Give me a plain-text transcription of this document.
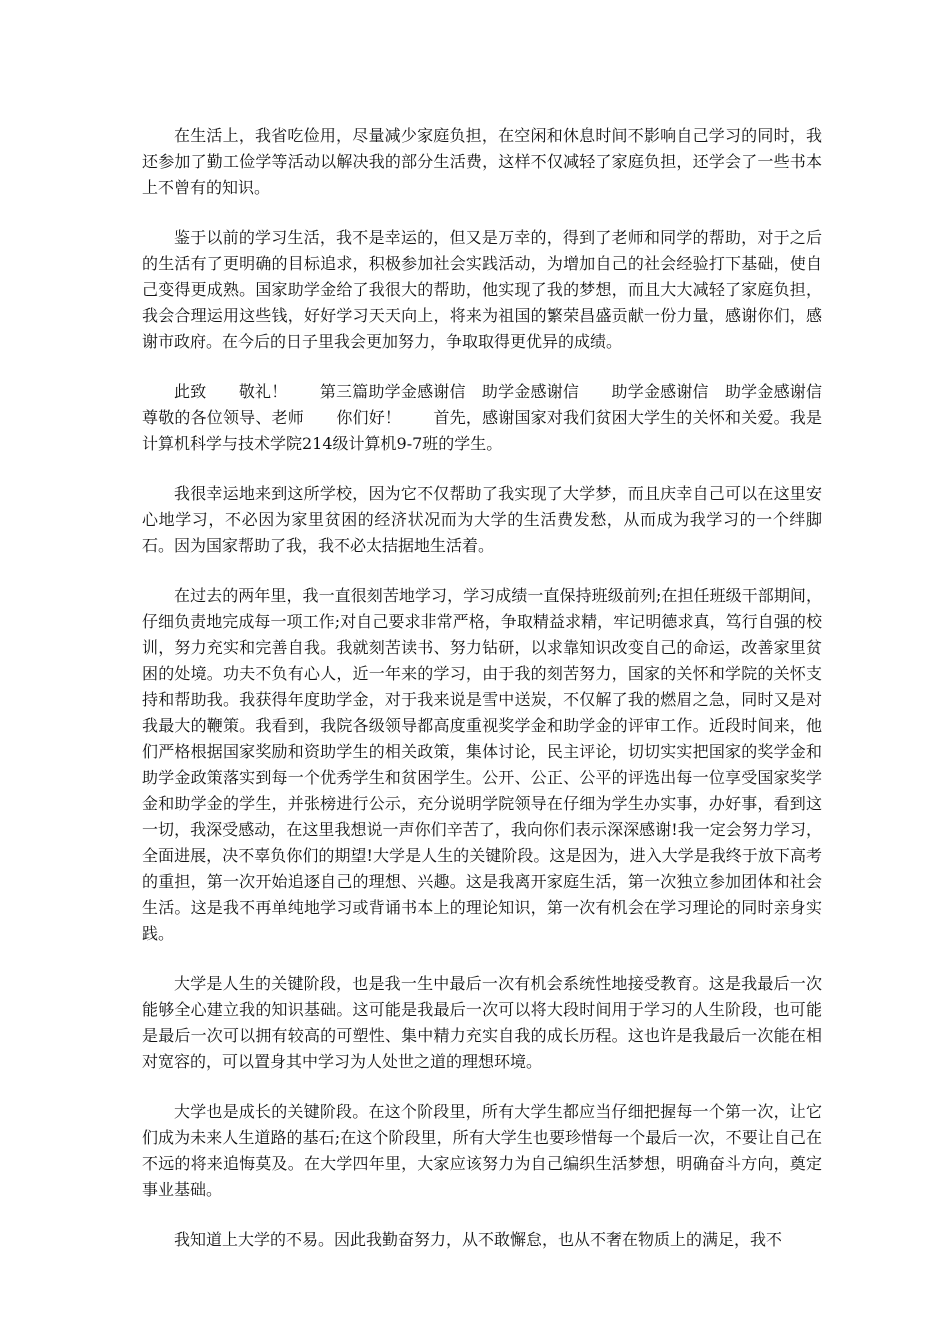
在生活上，我省吃俭用，尽量减少家庭负担，在空闲和休息时间不影响自己学习的同时，我还参加了勤工俭学等活动以解决我的部分生活费，这样不仅减轻了家庭负担，还学会了一些书本上不曾有的知识。

鉴于以前的学习生活，我不是幸运的，但又是万幸的，得到了老师和同学的帮助，对于之后的生活有了更明确的目标追求，积极参加社会实践活动，为增加自己的社会经验打下基础，使自己变得更成熟。国家助学金给了我很大的帮助，他实现了我的梦想，而且大大减轻了家庭负担，我会合理运用这些钱，好好学习天天向上，将来为祖国的繁荣昌盛贡献一份力量，感谢你们，感谢市政府。在今后的日子里我会更加努力，争取取得更优异的成绩。

此致　　敬礼！　　第三篇助学金感谢信　助学金感谢信　　助学金感谢信　助学金感谢信　　尊敬的各位领导、老师　　你们好！　　首先，感谢国家对我们贫困大学生的关怀和关爱。我是计算机科学与技术学院214级计算机9-7班的学生。

我很幸运地来到这所学校，因为它不仅帮助了我实现了大学梦，而且庆幸自己可以在这里安心地学习，不必因为家里贫困的经济状况而为大学的生活费发愁，从而成为我学习的一个绊脚石。因为国家帮助了我，我不必太拮据地生活着。

在过去的两年里，我一直很刻苦地学习，学习成绩一直保持班级前列;在担任班级干部期间，仔细负责地完成每一项工作;对自己要求非常严格，争取精益求精，牢记明德求真，笃行自强的校训，努力充实和完善自我。我就刻苦读书、努力钻研，以求靠知识改变自己的命运，改善家里贫困的处境。功夫不负有心人，近一年来的学习，由于我的刻苦努力，国家的关怀和学院的关怀支持和帮助我。我获得年度助学金，对于我来说是雪中送炭，不仅解了我的燃眉之急，同时又是对我最大的鞭策。我看到，我院各级领导都高度重视奖学金和助学金的评审工作。近段时间来，他们严格根据国家奖励和资助学生的相关政策，集体讨论，民主评论，切切实实把国家的奖学金和助学金政策落实到每一个优秀学生和贫困学生。公开、公正、公平的评选出每一位享受国家奖学金和助学金的学生，并张榜进行公示，充分说明学院领导在仔细为学生办实事，办好事，看到这一切，我深受感动，在这里我想说一声你们辛苦了，我向你们表示深深感谢!我一定会努力学习，全面进展，决不辜负你们的期望!大学是人生的关键阶段。这是因为，进入大学是我终于放下高考的重担，第一次开始追逐自己的理想、兴趣。这是我离开家庭生活，第一次独立参加团体和社会生活。这是我不再单纯地学习或背诵书本上的理论知识，第一次有机会在学习理论的同时亲身实践。

大学是人生的关键阶段，也是我一生中最后一次有机会系统性地接受教育。这是我最后一次能够全心建立我的知识基础。这可能是我最后一次可以将大段时间用于学习的人生阶段，也可能是最后一次可以拥有较高的可塑性、集中精力充实自我的成长历程。这也许是我最后一次能在相对宽容的，可以置身其中学习为人处世之道的理想环境。

大学也是成长的关键阶段。在这个阶段里，所有大学生都应当仔细把握每一个第一次，让它们成为未来人生道路的基石;在这个阶段里，所有大学生也要珍惜每一个最后一次，不要让自己在不远的将来追悔莫及。在大学四年里，大家应该努力为自己编织生活梦想，明确奋斗方向，奠定事业基础。

我知道上大学的不易。因此我勤奋努力，从不敢懈怠，也从不奢在物质上的满足，我不
